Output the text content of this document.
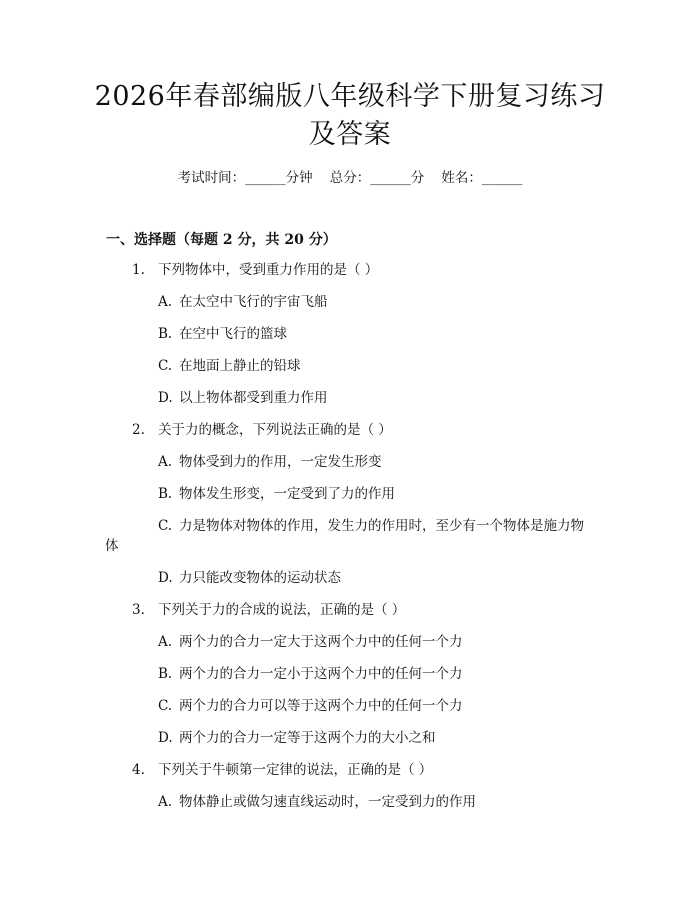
2026年春部编版八年级科学下册复习练习及答案
考试时间：______分钟    总分：______分    姓名：______
一、选择题（每题 2 分，共 20 分）
1. 下列物体中，受到重力作用的是（ ）
A. 在太空中飞行的宇宙飞船
B. 在空中飞行的篮球
C. 在地面上静止的铅球
D. 以上物体都受到重力作用
2. 关于力的概念，下列说法正确的是（ ）
A. 物体受到力的作用，一定发生形变
B. 物体发生形变，一定受到了力的作用
C. 力是物体对物体的作用，发生力的作用时，至少有一个物体是施力物
体
D. 力只能改变物体的运动状态
3. 下列关于力的合成的说法，正确的是（ ）
A. 两个力的合力一定大于这两个力中的任何一个力
B. 两个力的合力一定小于这两个力中的任何一个力
C. 两个力的合力可以等于这两个力中的任何一个力
D. 两个力的合力一定等于这两个力的大小之和
4. 下列关于牛顿第一定律的说法，正确的是（ ）
A. 物体静止或做匀速直线运动时，一定受到力的作用
